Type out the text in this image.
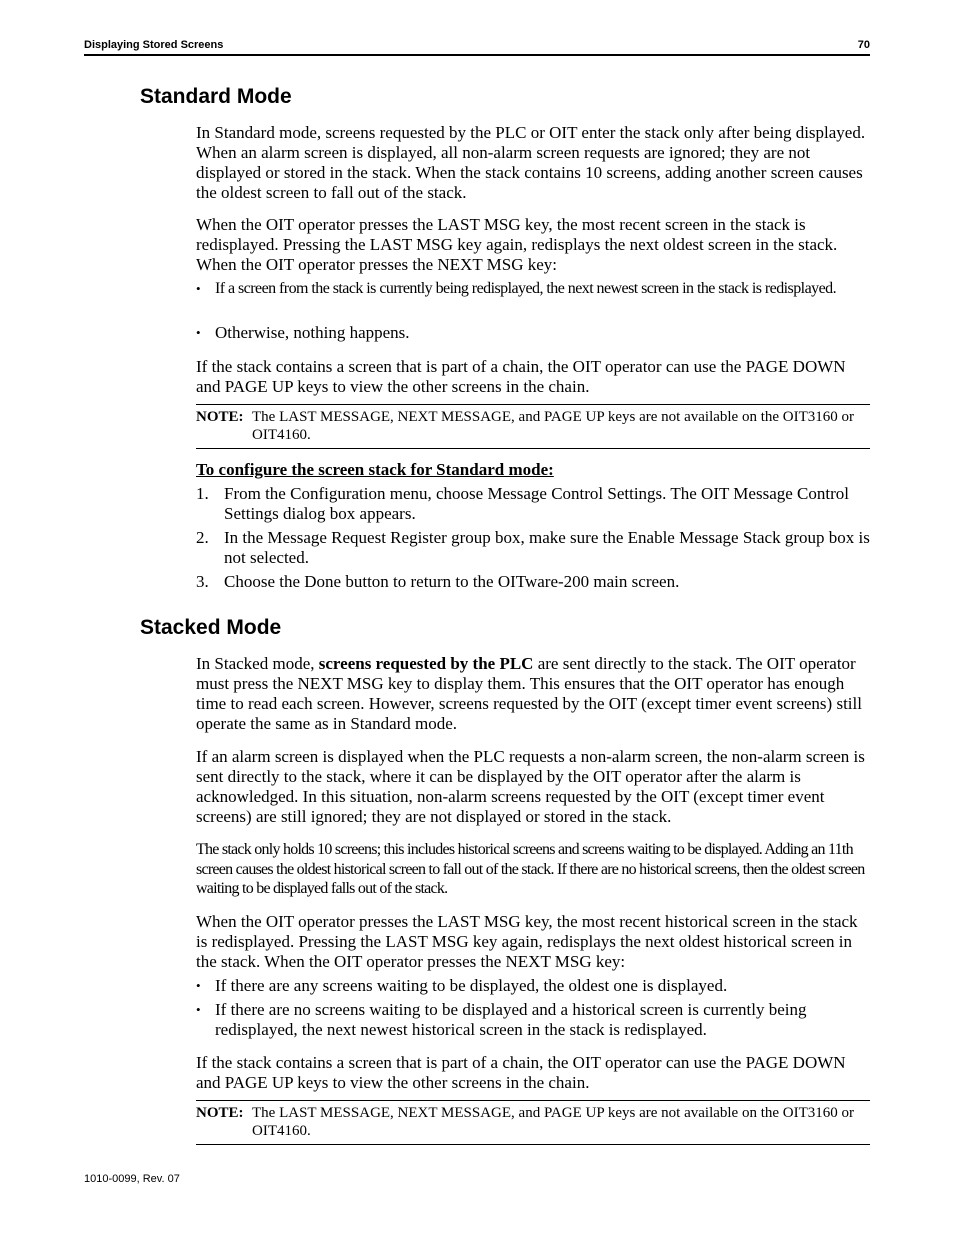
Displaying Stored Screens	70
Standard Mode

In Standard mode, screens requested by the PLC or OIT enter the stack only after being displayed. When an alarm screen is displayed, all non-alarm screen requests are ignored; they are not displayed or stored in the stack. When the stack contains 10 screens, adding another screen causes the oldest screen to fall out of the stack.

When the OIT operator presses the LAST MSG key, the most recent screen in the stack is redisplayed. Pressing the LAST MSG key again, redisplays the next oldest screen in the stack. When the OIT operator presses the NEXT MSG key:

• If a screen from the stack is currently being redisplayed, the next newest screen in the stack is redisplayed.
• Otherwise, nothing happens.

If the stack contains a screen that is part of a chain, the OIT operator can use the PAGE DOWN and PAGE UP keys to view the other screens in the chain.

NOTE: The LAST MESSAGE, NEXT MESSAGE, and PAGE UP keys are not available on the OIT3160 or OIT4160.
To configure the screen stack for Standard mode:
1. From the Configuration menu, choose Message Control Settings. The OIT Message Control Settings dialog box appears.
2. In the Message Request Register group box, make sure the Enable Message Stack group box is not selected.
3. Choose the Done button to return to the OITware-200 main screen.
Stacked Mode

In Stacked mode, screens requested by the PLC are sent directly to the stack. The OIT operator must press the NEXT MSG key to display them. This ensures that the OIT operator has enough time to read each screen. However, screens requested by the OIT (except timer event screens) still operate the same as in Standard mode.

If an alarm screen is displayed when the PLC requests a non-alarm screen, the non-alarm screen is sent directly to the stack, where it can be displayed by the OIT operator after the alarm is acknowledged. In this situation, non-alarm screens requested by the OIT (except timer event screens) are still ignored; they are not displayed or stored in the stack.

The stack only holds 10 screens; this includes historical screens and screens waiting to be displayed. Adding an 11th screen causes the oldest historical screen to fall out of the stack. If there are no historical screens, then the oldest screen waiting to be displayed falls out of the stack.

When the OIT operator presses the LAST MSG key, the most recent historical screen in the stack is redisplayed. Pressing the LAST MSG key again, redisplays the next oldest historical screen in the stack. When the OIT operator presses the NEXT MSG key:

• If there are any screens waiting to be displayed, the oldest one is displayed.
• If there are no screens waiting to be displayed and a historical screen is currently being redisplayed, the next newest historical screen in the stack is redisplayed.

If the stack contains a screen that is part of a chain, the OIT operator can use the PAGE DOWN and PAGE UP keys to view the other screens in the chain.

NOTE: The LAST MESSAGE, NEXT MESSAGE, and PAGE UP keys are not available on the OIT3160 or OIT4160.
1010-0099, Rev. 07
